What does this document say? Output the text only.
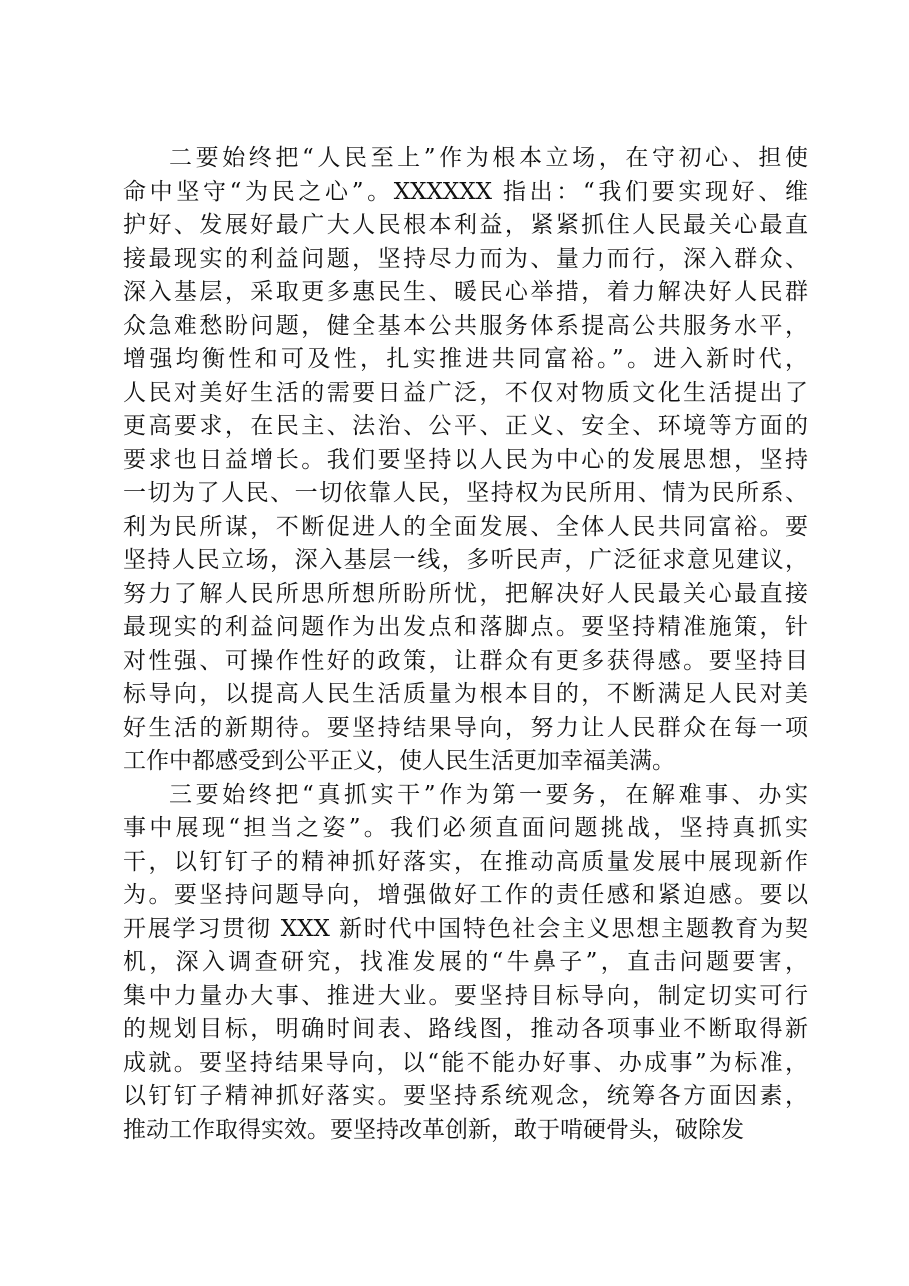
二要始终把“人民至上”作为根本立场，在守初心、担使
命中坚守“为民之心”。XXXXXX 指出：“我们要实现好、维
护好、发展好最广大人民根本利益，紧紧抓住人民最关心最直
接最现实的利益问题，坚持尽力而为、量力而行，深入群众、
深入基层，采取更多惠民生、暖民心举措，着力解决好人民群
众急难愁盼问题，健全基本公共服务体系提高公共服务水平，
增强均衡性和可及性，扎实推进共同富裕。”。进入新时代，
人民对美好生活的需要日益广泛，不仅对物质文化生活提出了
更高要求，在民主、法治、公平、正义、安全、环境等方面的
要求也日益增长。我们要坚持以人民为中心的发展思想，坚持
一切为了人民、一切依靠人民，坚持权为民所用、情为民所系、
利为民所谋，不断促进人的全面发展、全体人民共同富裕。要
坚持人民立场，深入基层一线，多听民声，广泛征求意见建议，
努力了解人民所思所想所盼所忧，把解决好人民最关心最直接
最现实的利益问题作为出发点和落脚点。要坚持精准施策，针
对性强、可操作性好的政策，让群众有更多获得感。要坚持目
标导向，以提高人民生活质量为根本目的，不断满足人民对美
好生活的新期待。要坚持结果导向，努力让人民群众在每一项
工作中都感受到公平正义，使人民生活更加幸福美满。
三要始终把“真抓实干”作为第一要务，在解难事、办实
事中展现“担当之姿”。我们必须直面问题挑战，坚持真抓实
干，以钉钉子的精神抓好落实，在推动高质量发展中展现新作
为。要坚持问题导向，增强做好工作的责任感和紧迫感。要以
开展学习贯彻 XXX 新时代中国特色社会主义思想主题教育为契
机，深入调查研究，找准发展的“牛鼻子”，直击问题要害，
集中力量办大事、推进大业。要坚持目标导向，制定切实可行
的规划目标，明确时间表、路线图，推动各项事业不断取得新
成就。要坚持结果导向，以“能不能办好事、办成事”为标准，
以钉钉子精神抓好落实。要坚持系统观念，统筹各方面因素，
推动工作取得实效。要坚持改革创新，敢于啃硬骨头，破除发
